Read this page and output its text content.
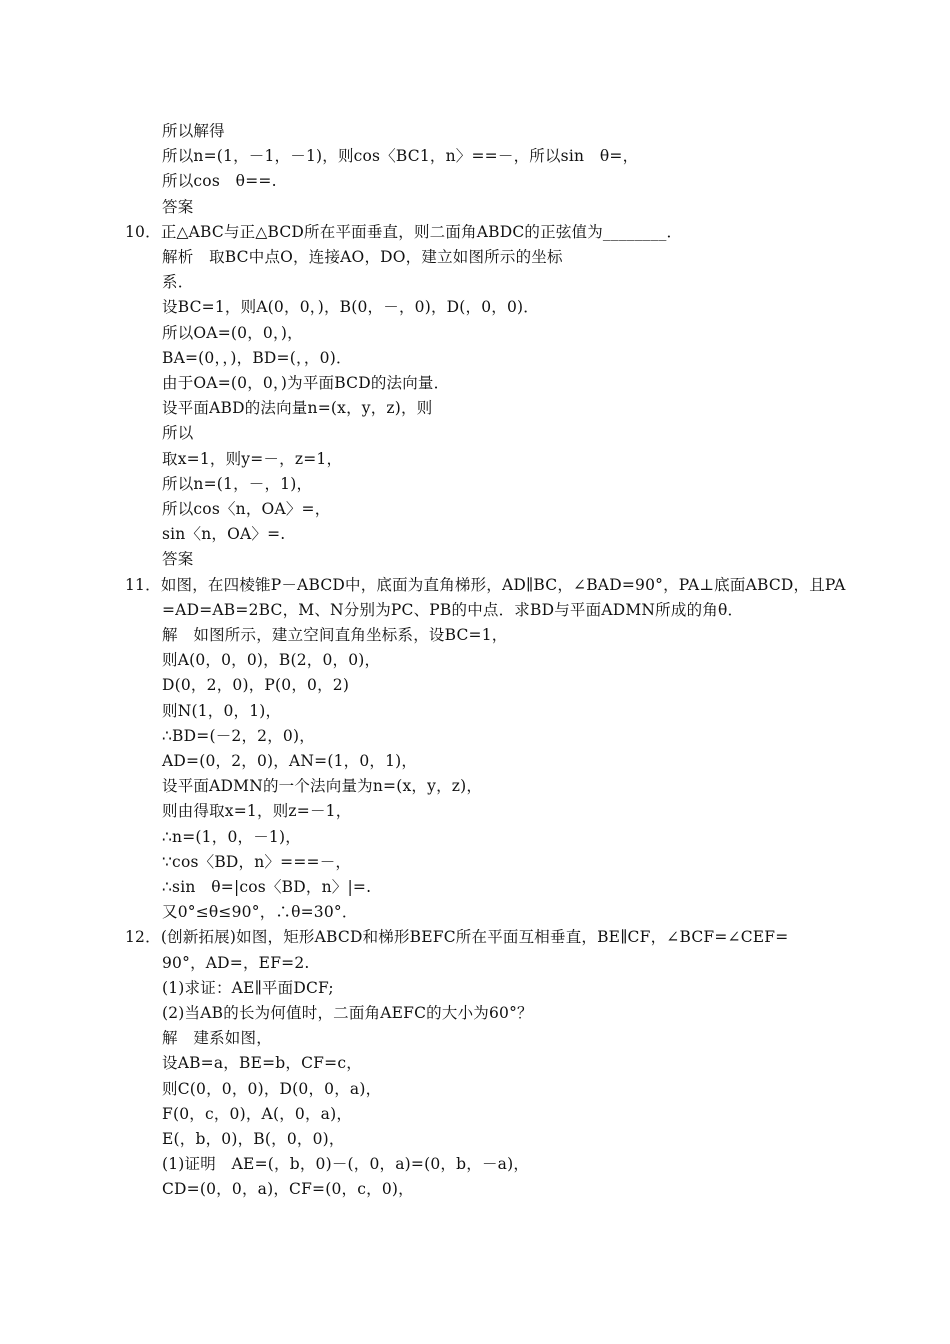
所以解得
所以n=(1，－1，－1)，则cos〈BC1，n〉==－，所以sin　θ=，
所以cos　θ==.
答案
10．正△ABC与正△BCD所在平面垂直，则二面角ABDC的正弦值为________．
解析　取BC中点O，连接AO，DO，建立如图所示的坐标
系．
设BC=1，则A(0，0，)，B(0，－，0)，D(，0，0)．
所以OA=(0，0，)，
BA=(0，，)，BD=(，，0)．
由于OA=(0，0，)为平面BCD的法向量．
设平面ABD的法向量n=(x，y，z)，则
所以
取x=1，则y=－，z=1，
所以n=(1，－，1)，
所以cos〈n，OA〉=，
sin〈n，OA〉=.
答案
11．如图，在四棱锥P－ABCD中，底面为直角梯形，AD∥BC，∠BAD=90°，PA⊥底面ABCD，且PA
=AD=AB=2BC，M、N分别为PC、PB的中点．求BD与平面ADMN所成的角θ．
解　如图所示，建立空间直角坐标系，设BC=1，
则A(0，0，0)，B(2，0，0)，
D(0，2，0)，P(0，0，2)
则N(1，0，1)，
∴BD=(－2，2，0)，
AD=(0，2，0)，AN=(1，0，1)，
设平面ADMN的一个法向量为n=(x，y，z)，
则由得取x=1，则z=－1，
∴n=(1，0，－1)，
∵cos〈BD，n〉===－，
∴sin　θ=|cos〈BD，n〉|=.
又0°≤θ≤90°，∴θ=30°．
12．(创新拓展)如图，矩形ABCD和梯形BEFC所在平面互相垂直，BE∥CF，∠BCF=∠CEF=
90°，AD=，EF=2.
(1)求证：AE∥平面DCF;
(2)当AB的长为何值时，二面角AEFC的大小为60°？
解　建系如图，
设AB=a，BE=b，CF=c，
则C(0，0，0)，D(0，0，a)，
F(0，c，0)，A(，0，a)，
E(，b，0)，B(，0，0)，
(1)证明　AE=(，b，0)－(，0，a)=(0，b，－a)，
CD=(0，0，a)，CF=(0，c，0)，
